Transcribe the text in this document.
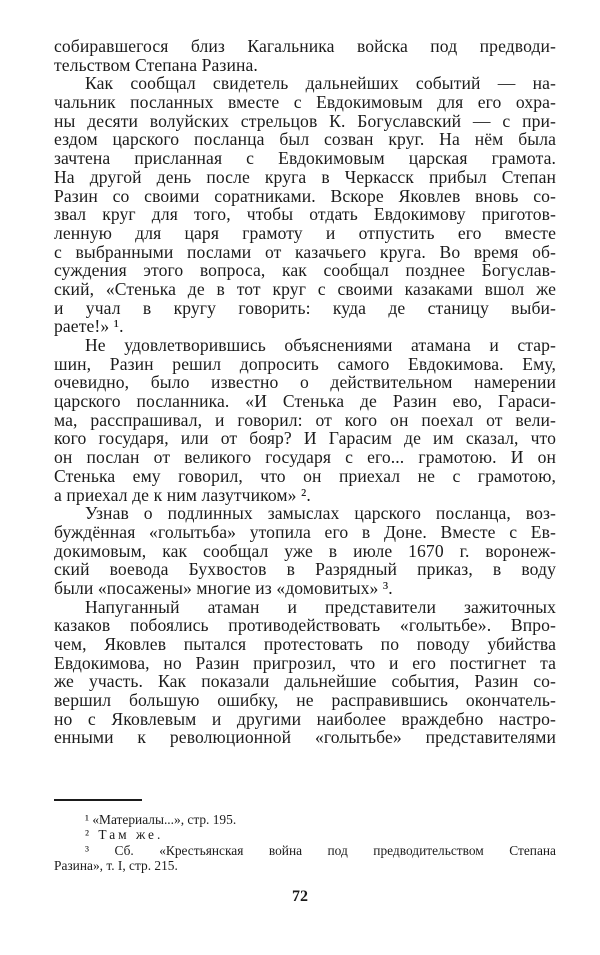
собиравшегося близ Кагальника войска под предводи-
тельством Степана Разина.
Как сообщал свидетель дальнейших событий — на-
чальник посланных вместе с Евдокимовым для его охра-
ны десяти волуйских стрельцов К. Богуславский — с при-
ездом царского посланца был созван круг. На нём была
зачтена присланная с Евдокимовым царская грамота.
На другой день после круга в Черкасск прибыл Степан
Разин со своими соратниками. Вскоре Яковлев вновь со-
звал круг для того, чтобы отдать Евдокимову приготов-
ленную для царя грамоту и отпустить его вместе
с выбранными послами от казачьего круга. Во время об-
суждения этого вопроса, как сообщал позднее Богуслав-
ский, «Стенька де в тот круг с своими казаками вшол же
и учал в кругу говорить: куда де станицу выби-
раете!» ¹.
Не удовлетворившись объяснениями атамана и стар-
шин, Разин решил допросить самого Евдокимова. Ему,
очевидно, было известно о действительном намерении
царского посланника. «И Стенька де Разин ево, Гараси-
ма, расспрашивал, и говорил: от кого он поехал от вели-
кого государя, или от бояр? И Гарасим де им сказал, что
он послан от великого государя с его... грамотою. И он
Стенька ему говорил, что он приехал не с грамотою,
а приехал де к ним лазутчиком» ².
Узнав о подлинных замыслах царского посланца, воз-
буждённая «голытьба» утопила его в Доне. Вместе с Ев-
докимовым, как сообщал уже в июле 1670 г. воронеж-
ский воевода Бухвостов в Разрядный приказ, в воду
были «посажены» многие из «домовитых» ³.
Напуганный атаман и представители зажиточных
казаков побоялись противодействовать «голытьбе». Впро-
чем, Яковлев пытался протестовать по поводу убийства
Евдокимова, но Разин пригрозил, что и его постигнет та
же участь. Как показали дальнейшие события, Разин со-
вершил большую ошибку, не расправившись окончатель-
но с Яковлевым и другими наиболее враждебно настро-
енными к революционной «голытьбе» представителями
¹ «Материалы...», стр. 195.
² Там же.
³ Сб. «Крестьянская война под предводительством Степана
Разина», т. I, стр. 215.
72
